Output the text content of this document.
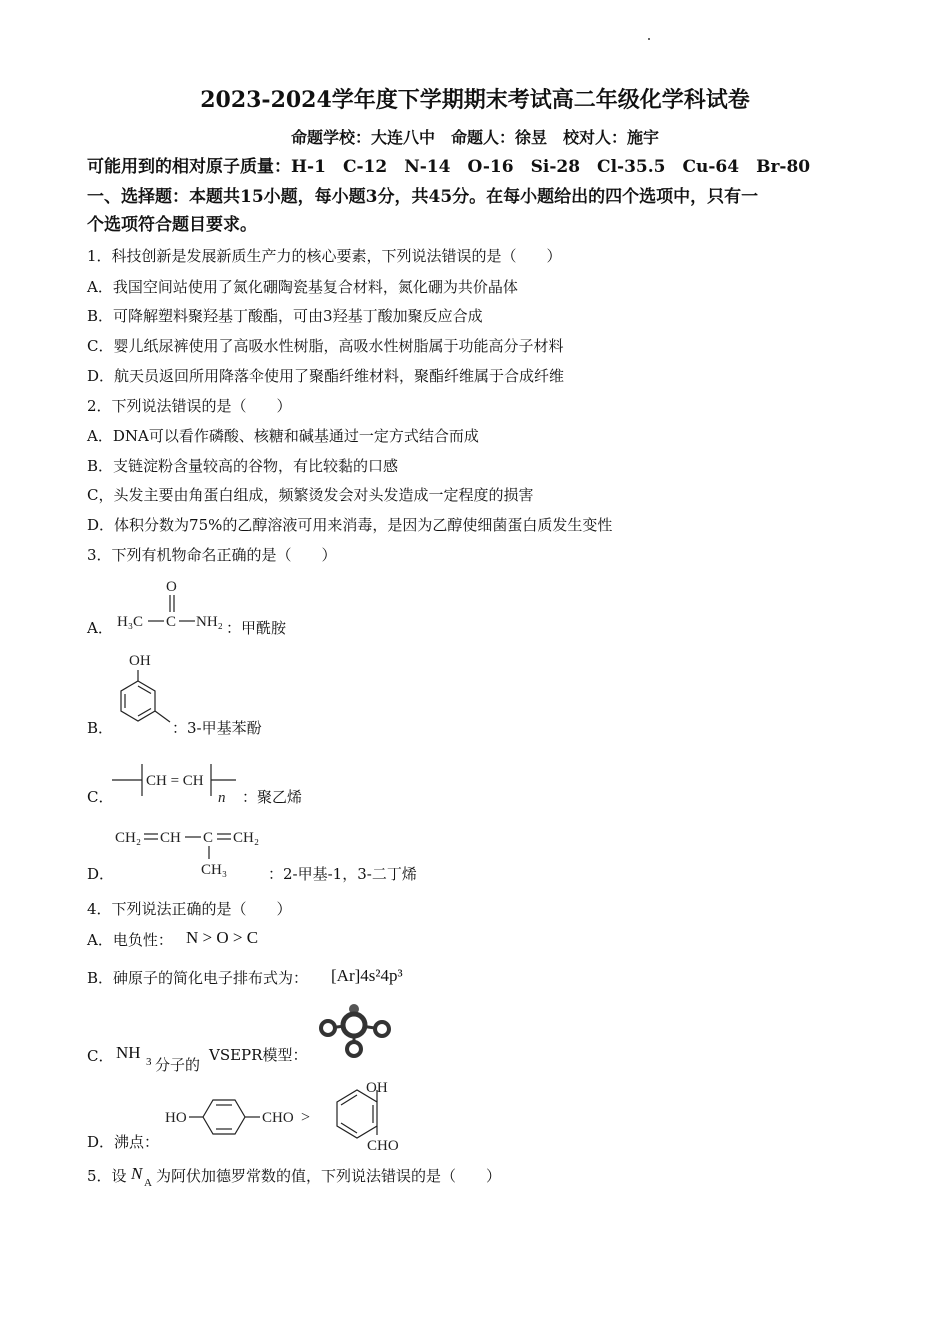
2023-2024学年度下学期期末考试高二年级化学科试卷
命题学校：大连八中　命题人：徐昱　校对人：施宇
可能用到的相对原子质量：H-1　C-12　N-14　O-16　Si-28　Cl-35.5　Cu-64　Br-80
一、选择题：本题共15小题，每小题3分，共45分。在每小题给出的四个选项中，只有一
个选项符合题目要求。
1．科技创新是发展新质生产力的核心要素，下列说法错误的是（　　）
A．我国空间站使用了氮化硼陶瓷基复合材料，氮化硼为共价晶体
B．可降解塑料聚羟基丁酸酯，可由3羟基丁酸加聚反应合成
C．婴儿纸尿裤使用了高吸水性树脂，高吸水性树脂属于功能高分子材料
D．航天员返回所用降落伞使用了聚酯纤维材料，聚酯纤维属于合成纤维
2．下列说法错误的是（　　）
A．DNA可以看作磷酸、核糖和碱基通过一定方式结合而成
B．支链淀粉含量较高的谷物，有比较黏的口感
C，头发主要由角蛋白组成，频繁烫发会对头发造成一定程度的损害
D．体积分数为75%的乙醇溶液可用来消毒，是因为乙醇使细菌蛋白质发生变性
3．下列有机物命名正确的是（　　）
A．
O
H₃C C NH₂ ：甲酰胺
B．
OH
：3-甲基苯酚
C．
CH = CH
n ：聚乙烯
D．
CH₂ CH C CH₂
CH₃	：2-甲基-1，3-二丁烯
4．下列说法正确的是（　　）
A．电负性： N > O > C
B．砷原子的简化电子排布式为： [Ar]4s²4p³
C． NH 3 分子的
VSEPR模型：
D．沸点：
HO	CHO >
OH
CHO
5．设 N A 为阿伏加德罗常数的值，下列说法错误的是（　　）
